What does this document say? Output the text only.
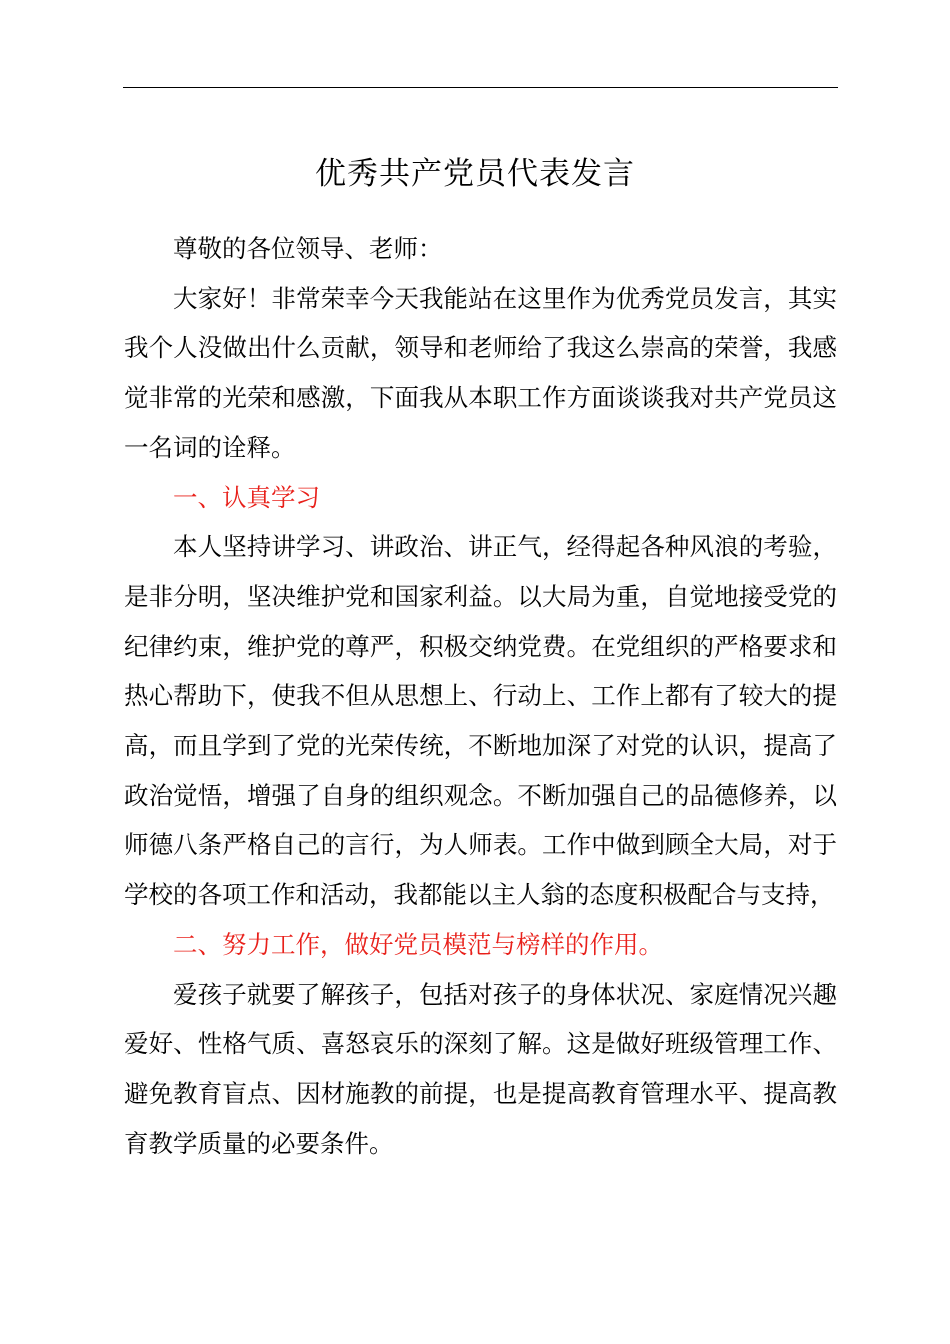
优秀共产党员代表发言

尊敬的各位领导、老师：

大家好！非常荣幸今天我能站在这里作为优秀党员发言，其实我个人没做出什么贡献，领导和老师给了我这么崇高的荣誉，我感觉非常的光荣和感激，下面我从本职工作方面谈谈我对共产党员这一名词的诠释。

一、认真学习

本人坚持讲学习、讲政治、讲正气，经得起各种风浪的考验，是非分明，坚决维护党和国家利益。以大局为重，自觉地接受党的纪律约束，维护党的尊严，积极交纳党费。在党组织的严格要求和热心帮助下，使我不但从思想上、行动上、工作上都有了较大的提高，而且学到了党的光荣传统，不断地加深了对党的认识，提高了政治觉悟，增强了自身的组织观念。不断加强自己的品德修养，以师德八条严格自己的言行，为人师表。工作中做到顾全大局，对于学校的各项工作和活动，我都能以主人翁的态度积极配合与支持，

二、努力工作，做好党员模范与榜样的作用。

爱孩子就要了解孩子，包括对孩子的身体状况、家庭情况兴趣爱好、性格气质、喜怒哀乐的深刻了解。这是做好班级管理工作、避免教育盲点、因材施教的前提，也是提高教育管理水平、提高教育教学质量的必要条件。
